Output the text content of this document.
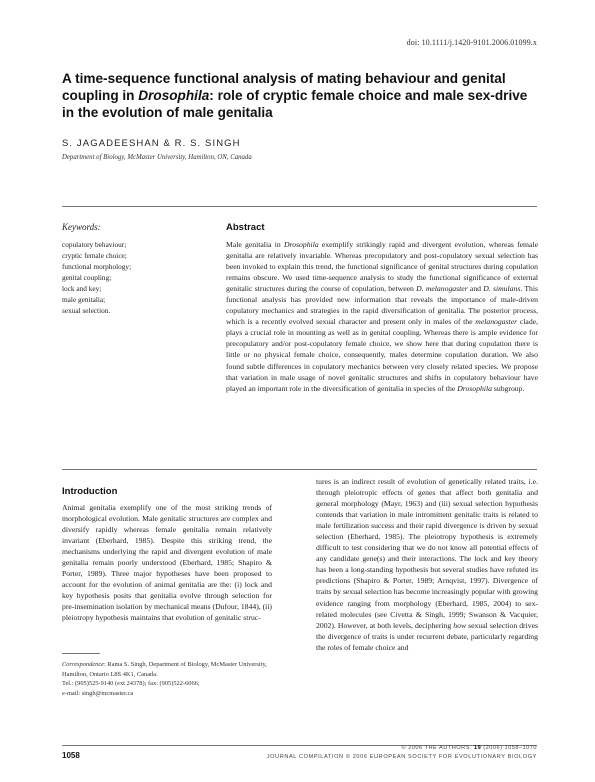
doi: 10.1111/j.1420-9101.2006.01099.x
A time-sequence functional analysis of mating behaviour and genital coupling in Drosophila: role of cryptic female choice and male sex-drive in the evolution of male genitalia
S. JAGADEESHAN & R. S. SINGH
Department of Biology, McMaster University, Hamilton, ON, Canada
Keywords:
copulatory behaviour;
cryptic female choice;
functional morphology;
genital coupling;
lock and key;
male genitalia;
sexual selection.
Abstract

Male genitalia in Drosophila exemplify strikingly rapid and divergent evolution, whereas female genitalia are relatively invariable. Whereas precopulatory and post-copulatory sexual selection has been invoked to explain this trend, the functional significance of genital structures during copulation remains obscure. We used time-sequence analysis to study the functional significance of external genitalic structures during the course of copulation, between D. melanogaster and D. simulans. This functional analysis has provided new information that reveals the importance of male-driven copulatory mechanics and strategies in the rapid diversification of genitalia. The posterior process, which is a recently evolved sexual character and present only in males of the melanogaster clade, plays a crucial role in mounting as well as in genital coupling. Whereas there is ample evidence for precopulatory and/or post-copulatory female choice, we show here that during copulation there is little or no physical female choice, consequently, males determine copulation duration. We also found subtle differences in copulatory mechanics between very closely related species. We propose that variation in male usage of novel genitalic structures and shifts in copulatory behaviour have played an important role in the diversification of genitalia in species of the Drosophila subgroup.

Introduction

Animal genitalia exemplify one of the most striking trends of morphological evolution. Male genitalic structures are complex and diversify rapidly whereas female genitalia remain relatively invariant (Eberhard, 1985). Despite this striking trend, the mechanisms underlying the rapid and divergent evolution of male genitalia remain poorly understood (Eberhard, 1985; Shapiro & Porter, 1989). Three major hypotheses have been proposed to account for the evolution of animal genitalia are the: (i) lock and key hypothesis posits that genitalia evolve through selection for pre-insemination isolation by mechanical means (Dufour, 1844), (ii) pleiotropy hypothesis maintains that evolution of genitalic struc-

tures is an indirect result of evolution of genetically related traits, i.e. through pleiotropic effects of genes that affect both genitalia and general morphology (Mayr, 1963) and (iii) sexual selection hypothesis contends that variation in male intromittent genitalic traits is related to male fertilization success and their rapid divergence is driven by sexual selection (Eberhard, 1985). The pleiotropy hypothesis is extremely difficult to test considering that we do not know all potential effects of any candidate gene(s) and their interactions. The lock and key theory has been a long-standing hypothesis but several studies have refuted its predictions (Shapiro & Porter, 1989; Arnqvist, 1997). Divergence of traits by sexual selection has become increasingly popular with growing evidence ranging from morphology (Eberhard, 1985, 2004) to sex-related molecules (see Civetta & Singh, 1999; Swanson & Vacquier, 2002). However, at both levels, deciphering how sexual selection drives the divergence of traits is under recurrent debate, particularly regarding the roles of female choice and

Correspondence: Rama S. Singh, Department of Biology, McMaster University, Hamilton, Ontario L8S 4K1, Canada.
Tel.: (905)525-9140 (ext 24378); fax: (905)522-6066;
e-mail: singh@mcmaster.ca

1058
© 2006 THE AUTHORS. 19 (2006) 1058–1070
JOURNAL COMPILATION © 2006 EUROPEAN SOCIETY FOR EVOLUTIONARY BIOLOGY
